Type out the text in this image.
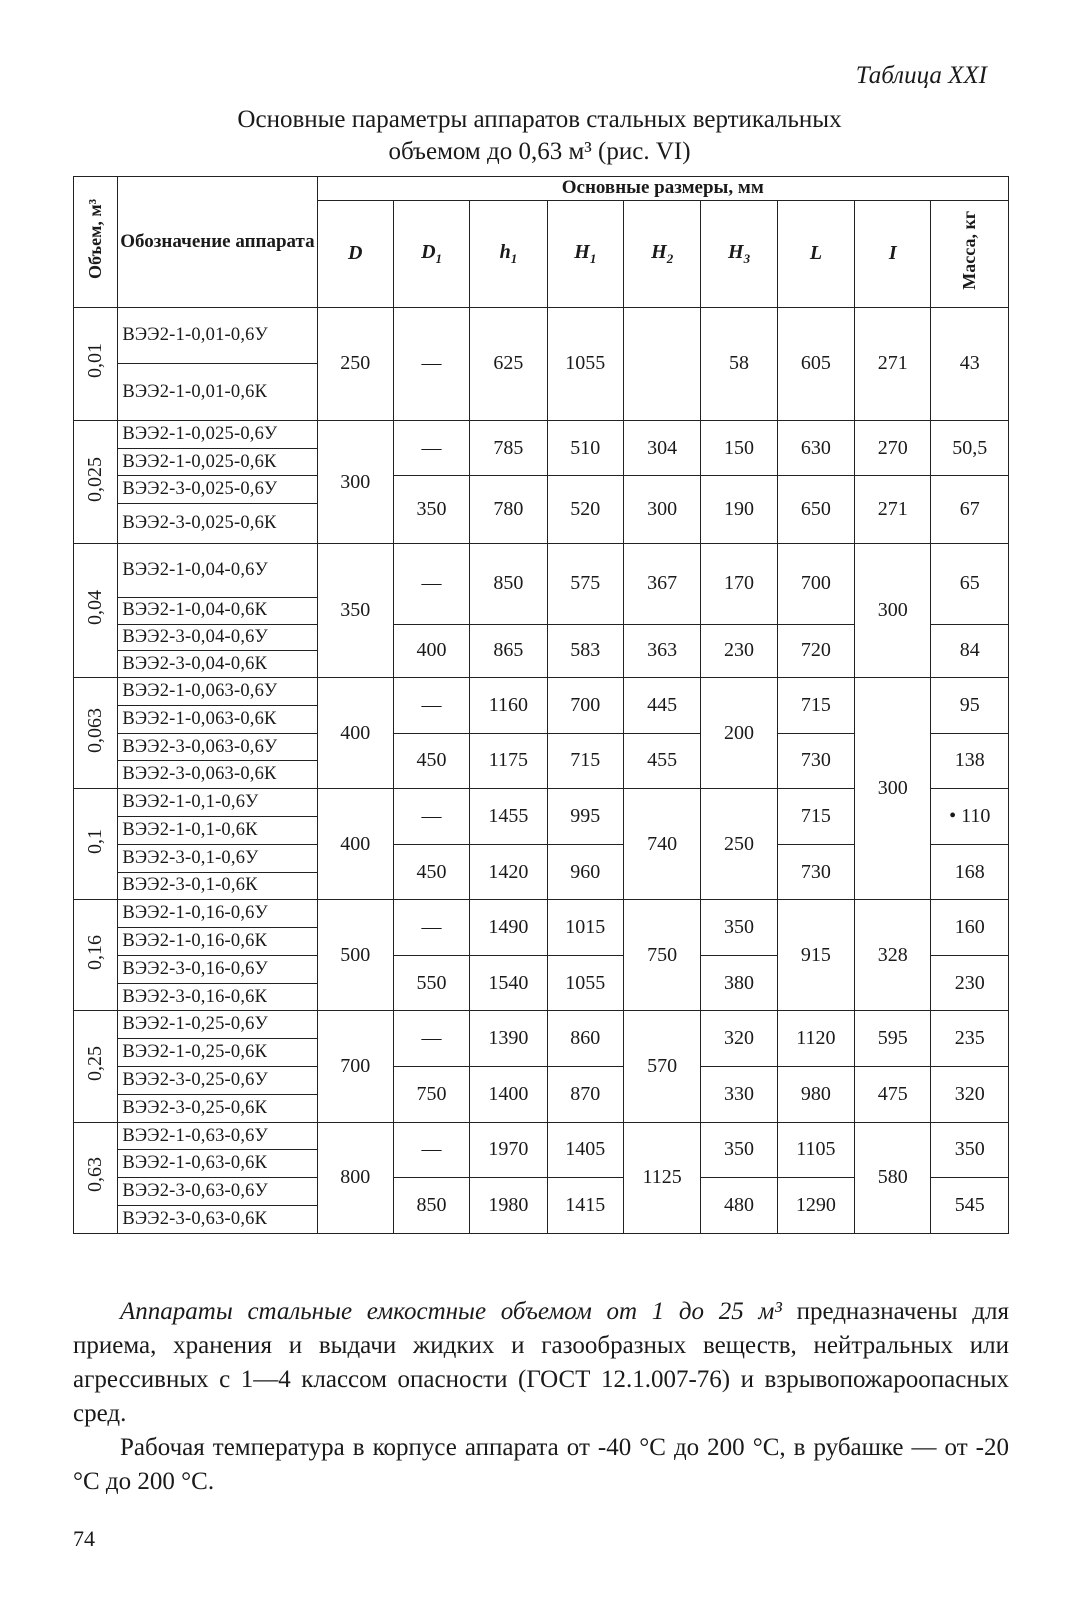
Таблица XXI
Основные параметры аппаратов стальных вертикальных
объемом до 0,63 м³ (рис. VI)
Объем, м³	Обозначение аппарата	Основные размеры, мм								
		D	$D_1$	$h_1$	$H_1$	$H_2$	$H_3$	L	I	Масса, кг
0,01	ВЭЭ2-1-0,01-0,6У	250	—	625	1055		58	605	271	43
	ВЭЭ2-1-0,01-0,6К									
0,025	ВЭЭ2-1-0,025-0,6У	300	—	785	510	304	150	630	270	50,5
	ВЭЭ2-1-0,025-0,6К									
	ВЭЭ2-3-0,025-0,6У		350	780	520	300	190	650	271	67
	ВЭЭ2-3-0,025-0,6К									
0,04	ВЭЭ2-1-0,04-0,6У	350	—	850	575	367	170	700	300	65
	ВЭЭ2-1-0,04-0,6К									
	ВЭЭ2-3-0,04-0,6У		400	865	583	363	230	720		84
	ВЭЭ2-3-0,04-0,6К									
0,063	ВЭЭ2-1-0,063-0,6У	400	—	1160	700	445	200	715	300	95
	ВЭЭ2-1-0,063-0,6К									
	ВЭЭ2-3-0,063-0,6У		450	1175	715	455		730		138
	ВЭЭ2-3-0,063-0,6К									
0,1	ВЭЭ2-1-0,1-0,6У	400	—	1455	995	740	250	715		• 110
	ВЭЭ2-1-0,1-0,6К									
	ВЭЭ2-3-0,1-0,6У		450	1420	960			730		168
	ВЭЭ2-3-0,1-0,6К									
0,16	ВЭЭ2-1-0,16-0,6У	500	—	1490	1015	750	350	915	328	160
	ВЭЭ2-1-0,16-0,6К									
	ВЭЭ2-3-0,16-0,6У		550	1540	1055		380			230
	ВЭЭ2-3-0,16-0,6К									
0,25	ВЭЭ2-1-0,25-0,6У	700	—	1390	860	570	320	1120	595	235
	ВЭЭ2-1-0,25-0,6К									
	ВЭЭ2-3-0,25-0,6У		750	1400	870		330	980	475	320
	ВЭЭ2-3-0,25-0,6К									
0,63	ВЭЭ2-1-0,63-0,6У	800	—	1970	1405	1125	350	1105	580	350
	ВЭЭ2-1-0,63-0,6К									
	ВЭЭ2-3-0,63-0,6У		850	1980	1415		480	1290		545
	ВЭЭ2-3-0,63-0,6К									

Аппараты стальные емкостные объемом от 1 до 25 м³ предназначены для приема, хранения и выдачи жидких и газообразных веществ, нейтральных или агрессивных с 1—4 классом опасности (ГОСТ 12.1.007-76) и взрывопожароопасных сред.

Рабочая температура в корпусе аппарата от -40 °С до 200 °С, в рубашке — от -20 °С до 200 °С.

74
